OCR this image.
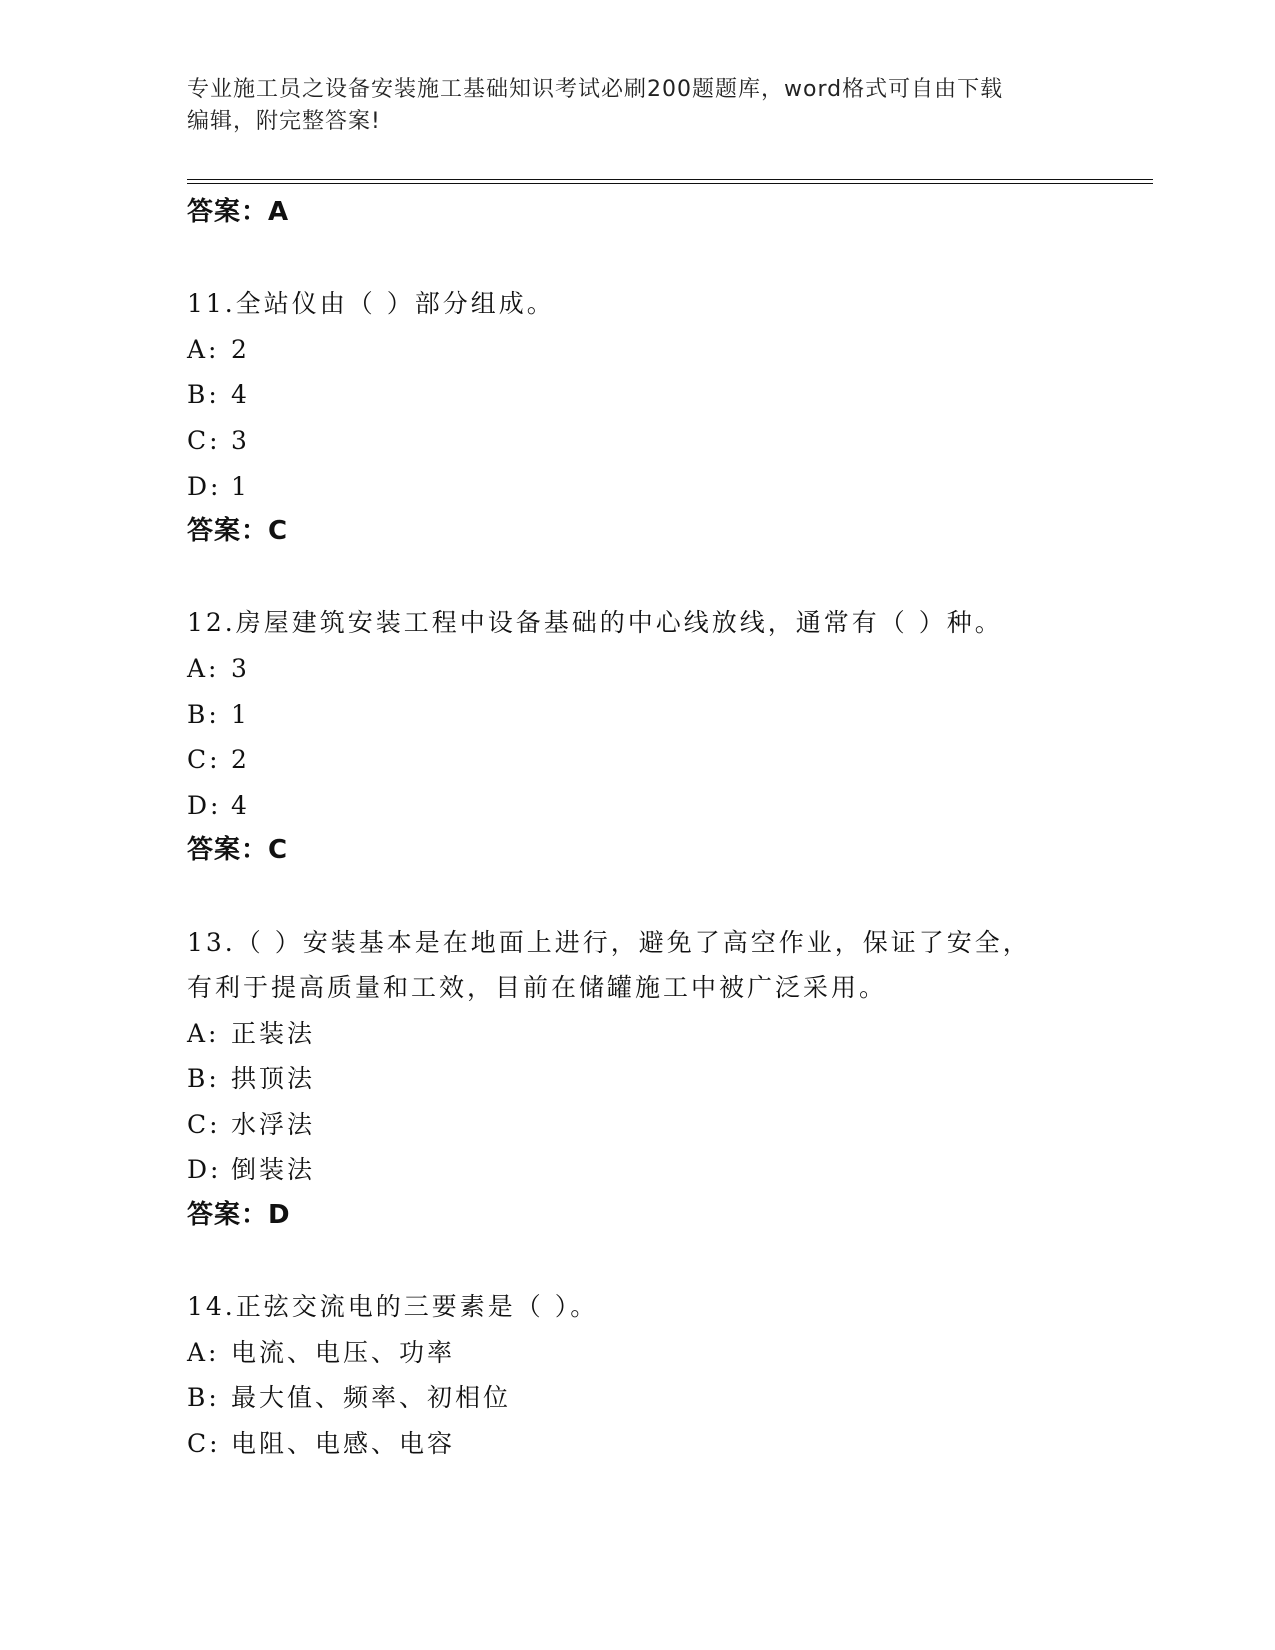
专业施工员之设备安装施工基础知识考试必刷200题题库，word格式可自由下载
编辑，附完整答案!
答案：A
11.全站仪由（ ）部分组成。
A: 2
B: 4
C: 3
D: 1
答案：C
12.房屋建筑安装工程中设备基础的中心线放线，通常有（ ）种。
A: 3
B: 1
C: 2
D: 4
答案：C
13.（ ）安装基本是在地面上进行，避免了高空作业，保证了安全，
有利于提高质量和工效，目前在储罐施工中被广泛采用。
A: 正装法
B: 拱顶法
C: 水浮法
D: 倒装法
答案：D
14.正弦交流电的三要素是（ ）。
A: 电流、电压、功率
B: 最大值、频率、初相位
C: 电阻、电感、电容
